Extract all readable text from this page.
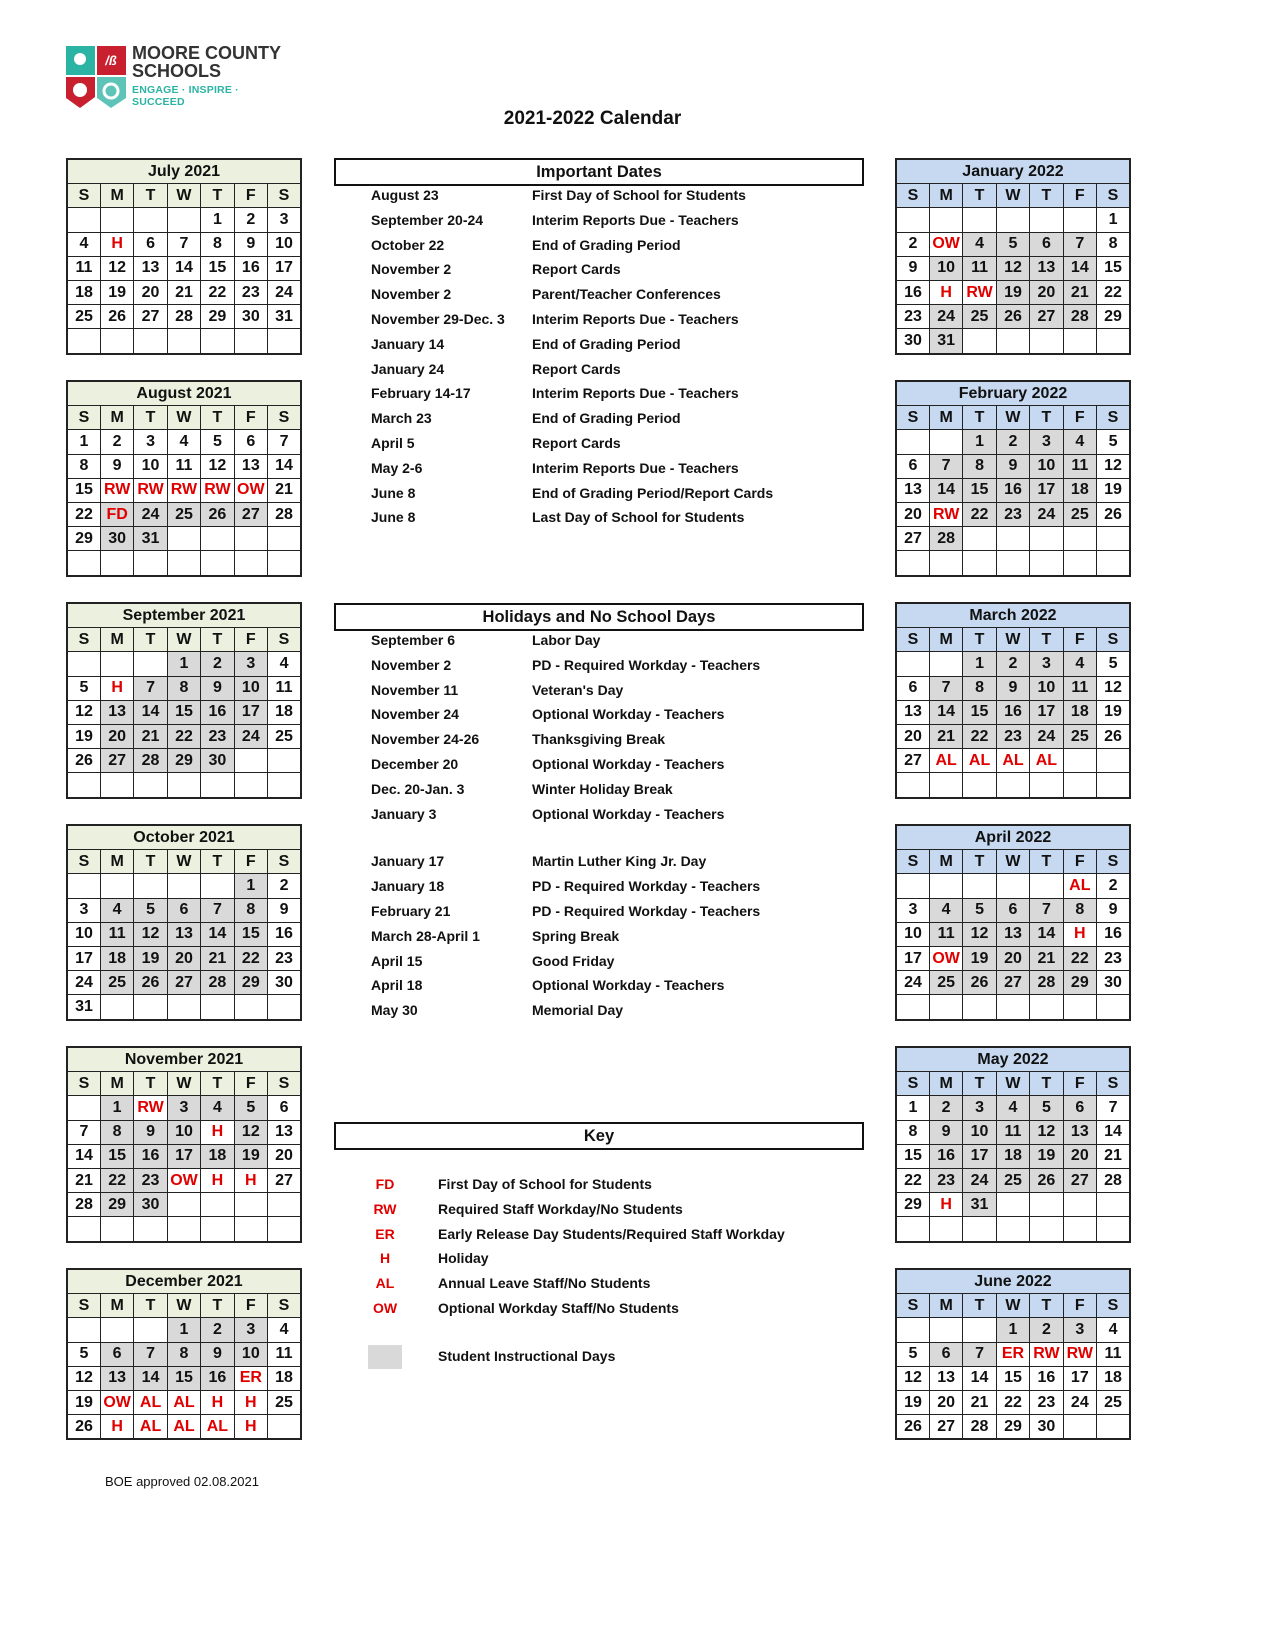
/ß MOORE COUNTY
SCHOOLS
ENGAGE · INSPIRE · SUCCEED
2021-2022 Calendar
July 2021						
S	M	T	W	T	F	S
				1	2	3
4	H	6	7	8	9	10
11	12	13	14	15	16	17
18	19	20	21	22	23	24
25	26	27	28	29	30	31

August 2021						
S	M	T	W	T	F	S
1	2	3	4	5	6	7
8	9	10	11	12	13	14
15	RW	RW	RW	RW	OW	21
22	FD	24	25	26	27	28
29	30	31				

September 2021						
S	M	T	W	T	F	S
			1	2	3	4
5	H	7	8	9	10	11
12	13	14	15	16	17	18
19	20	21	22	23	24	25
26	27	28	29	30		

October 2021						
S	M	T	W	T	F	S
					1	2
3	4	5	6	7	8	9
10	11	12	13	14	15	16
17	18	19	20	21	22	23
24	25	26	27	28	29	30
31						
November 2021						
S	M	T	W	T	F	S
	1	RW	3	4	5	6
7	8	9	10	H	12	13
14	15	16	17	18	19	20
21	22	23	OW	H	H	27
28	29	30				

December 2021						
S	M	T	W	T	F	S
			1	2	3	4
5	6	7	8	9	10	11
12	13	14	15	16	ER	18
19	OW	AL	AL	H	H	25
26	H	AL	AL	AL	H	
January 2022						
S	M	T	W	T	F	S
						1
2	OW	4	5	6	7	8
9	10	11	12	13	14	15
16	H	RW	19	20	21	22
23	24	25	26	27	28	29
30	31					
February 2022						
S	M	T	W	T	F	S
		1	2	3	4	5
6	7	8	9	10	11	12
13	14	15	16	17	18	19
20	RW	22	23	24	25	26
27	28					

March 2022						
S	M	T	W	T	F	S
		1	2	3	4	5
6	7	8	9	10	11	12
13	14	15	16	17	18	19
20	21	22	23	24	25	26
27	AL	AL	AL	AL		

April 2022						
S	M	T	W	T	F	S
					AL	2
3	4	5	6	7	8	9
10	11	12	13	14	H	16
17	OW	19	20	21	22	23
24	25	26	27	28	29	30

May 2022						
S	M	T	W	T	F	S
1	2	3	4	5	6	7
8	9	10	11	12	13	14
15	16	17	18	19	20	21
22	23	24	25	26	27	28
29	H	31				

June 2022						
S	M	T	W	T	F	S
			1	2	3	4
5	6	7	ER	RW	RW	11
12	13	14	15	16	17	18
19	20	21	22	23	24	25
26	27	28	29	30		
Important Dates
August 23	First Day of School for Students
September 20-24	Interim Reports Due - Teachers
October 22	End of Grading Period
November 2	Report Cards
November 2	Parent/Teacher Conferences
November 29-Dec. 3 Interim Reports Due - Teachers
January 14	End of Grading Period
January 24	Report Cards
February 14-17	Interim Reports Due - Teachers
March 23	End of Grading Period
April 5	Report Cards
May 2-6	Interim Reports Due - Teachers
June 8	End of Grading Period/Report Cards
June 8	Last Day of School for Students
Holidays and No School Days
September 6	Labor Day
November 2	PD - Required Workday - Teachers
November 11	Veteran's Day
November 24	Optional Workday - Teachers
November 24-26	Thanksgiving Break
December 20	Optional Workday - Teachers
Dec. 20-Jan. 3	Winter Holiday Break
January 3	Optional Workday - Teachers
January 17	Martin Luther King Jr. Day
January 18	PD - Required Workday - Teachers
February 21	PD - Required Workday - Teachers
March 28-April 1	Spring Break
April 15	Good Friday
April 18	Optional Workday - Teachers
May 30	Memorial Day
Key
FD	First Day of School for Students
RW	Required Staff Workday/No Students
ER	Early Release Day Students/Required Staff Workday
H	Holiday
AL	Annual Leave Staff/No Students
OW	Optional Workday Staff/No Students
Student Instructional Days
BOE approved 02.08.2021
